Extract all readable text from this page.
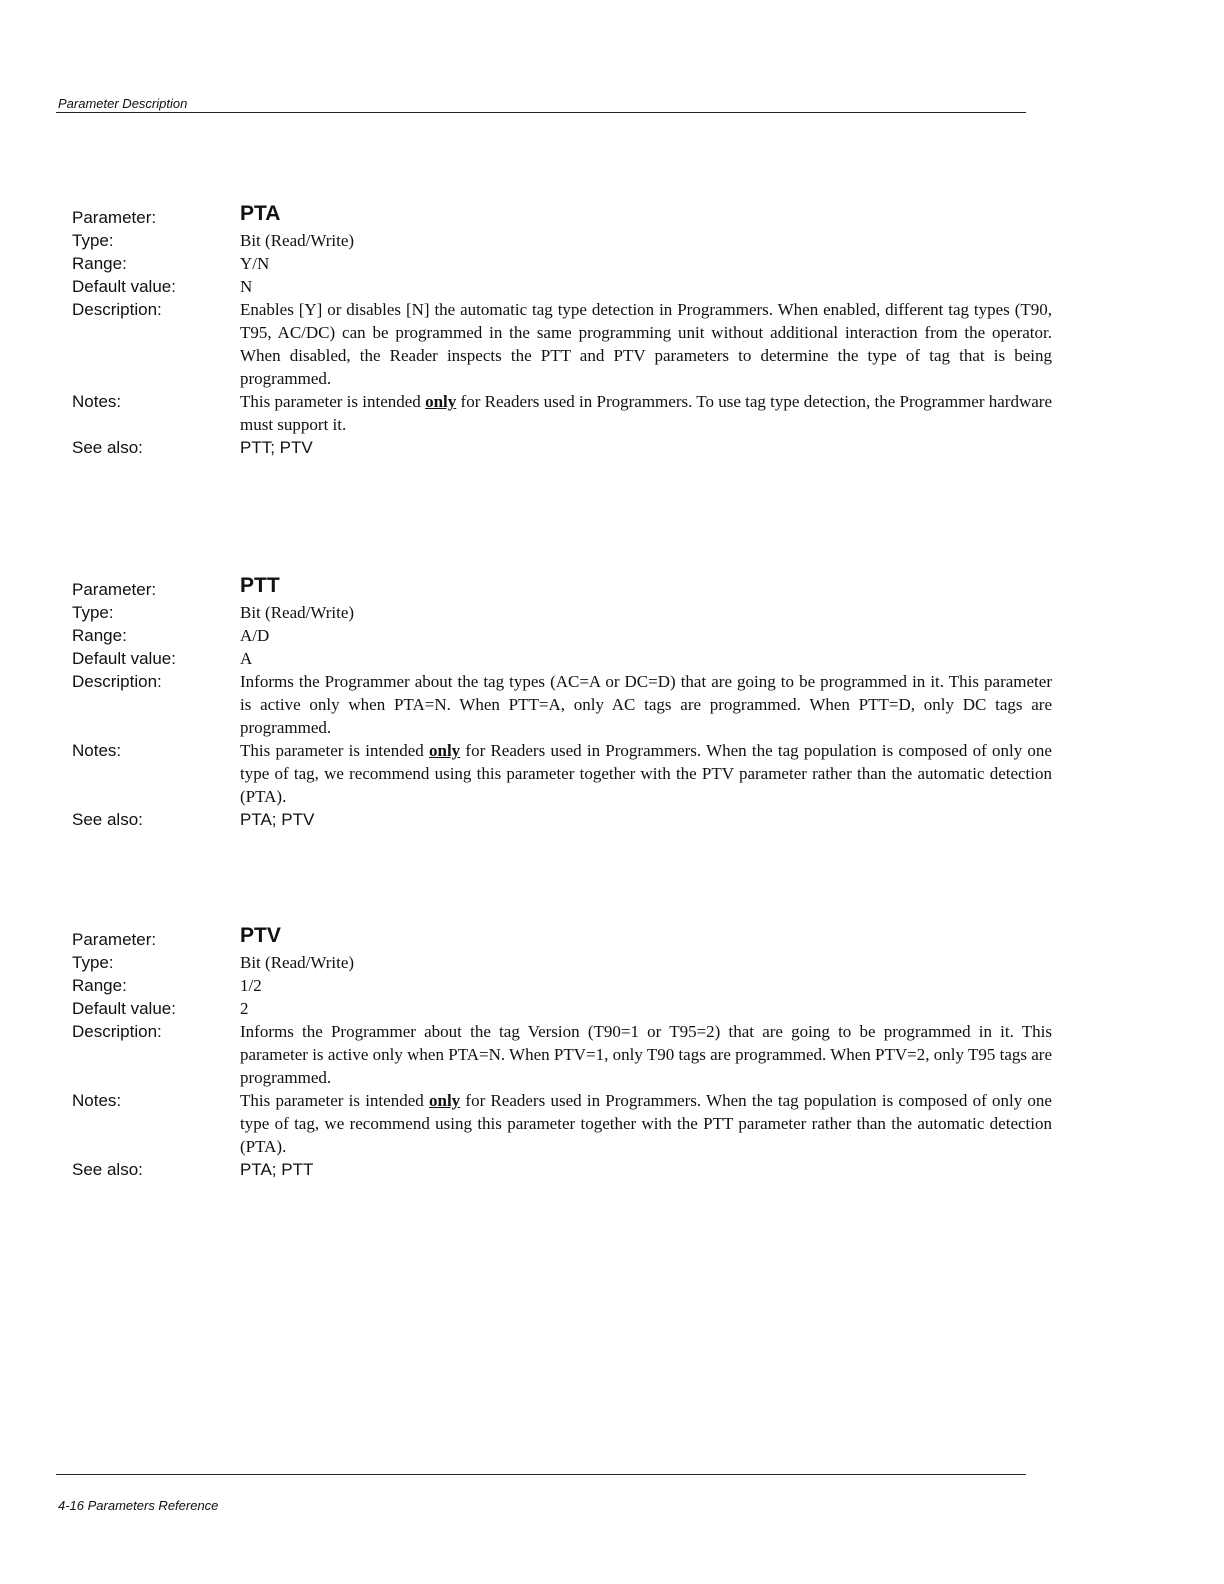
Parameter Description
Parameter:	PTA
Type:	Bit (Read/Write)
Range:	Y/N
Default value:	N
Description:	Enables [Y] or disables [N] the automatic tag type detection in Programmers. When enabled, different tag types (T90, T95, AC/DC) can be programmed in the same programming unit without additional interaction from the operator. When disabled, the Reader inspects the PTT and PTV parameters to determine the type of tag that is being programmed.
Notes:	This parameter is intended only for Readers used in Programmers. To use tag type detection, the Programmer hardware must support it.
See also:	PTT; PTV
Parameter:	PTT
Type:	Bit (Read/Write)
Range:	A/D
Default value:	A
Description:	Informs the Programmer about the tag types (AC=A or DC=D) that are going to be programmed in it. This parameter is active only when PTA=N. When PTT=A, only AC tags are programmed. When PTT=D, only DC tags are programmed.
Notes:	This parameter is intended only for Readers used in Programmers. When the tag population is composed of only one type of tag, we recommend using this parameter together with the PTV parameter rather than the automatic detection (PTA).
See also:	PTA; PTV
Parameter:	PTV
Type:	Bit (Read/Write)
Range:	1/2
Default value:	2
Description:	Informs the Programmer about the tag Version (T90=1 or T95=2) that are going to be programmed in it. This parameter is active only when PTA=N. When PTV=1, only T90 tags are programmed. When PTV=2, only T95 tags are programmed.
Notes:	This parameter is intended only for Readers used in Programmers. When the tag population is composed of only one type of tag, we recommend using this parameter together with the PTT parameter rather than the automatic detection (PTA).
See also:	PTA; PTT
4-16 Parameters Reference
